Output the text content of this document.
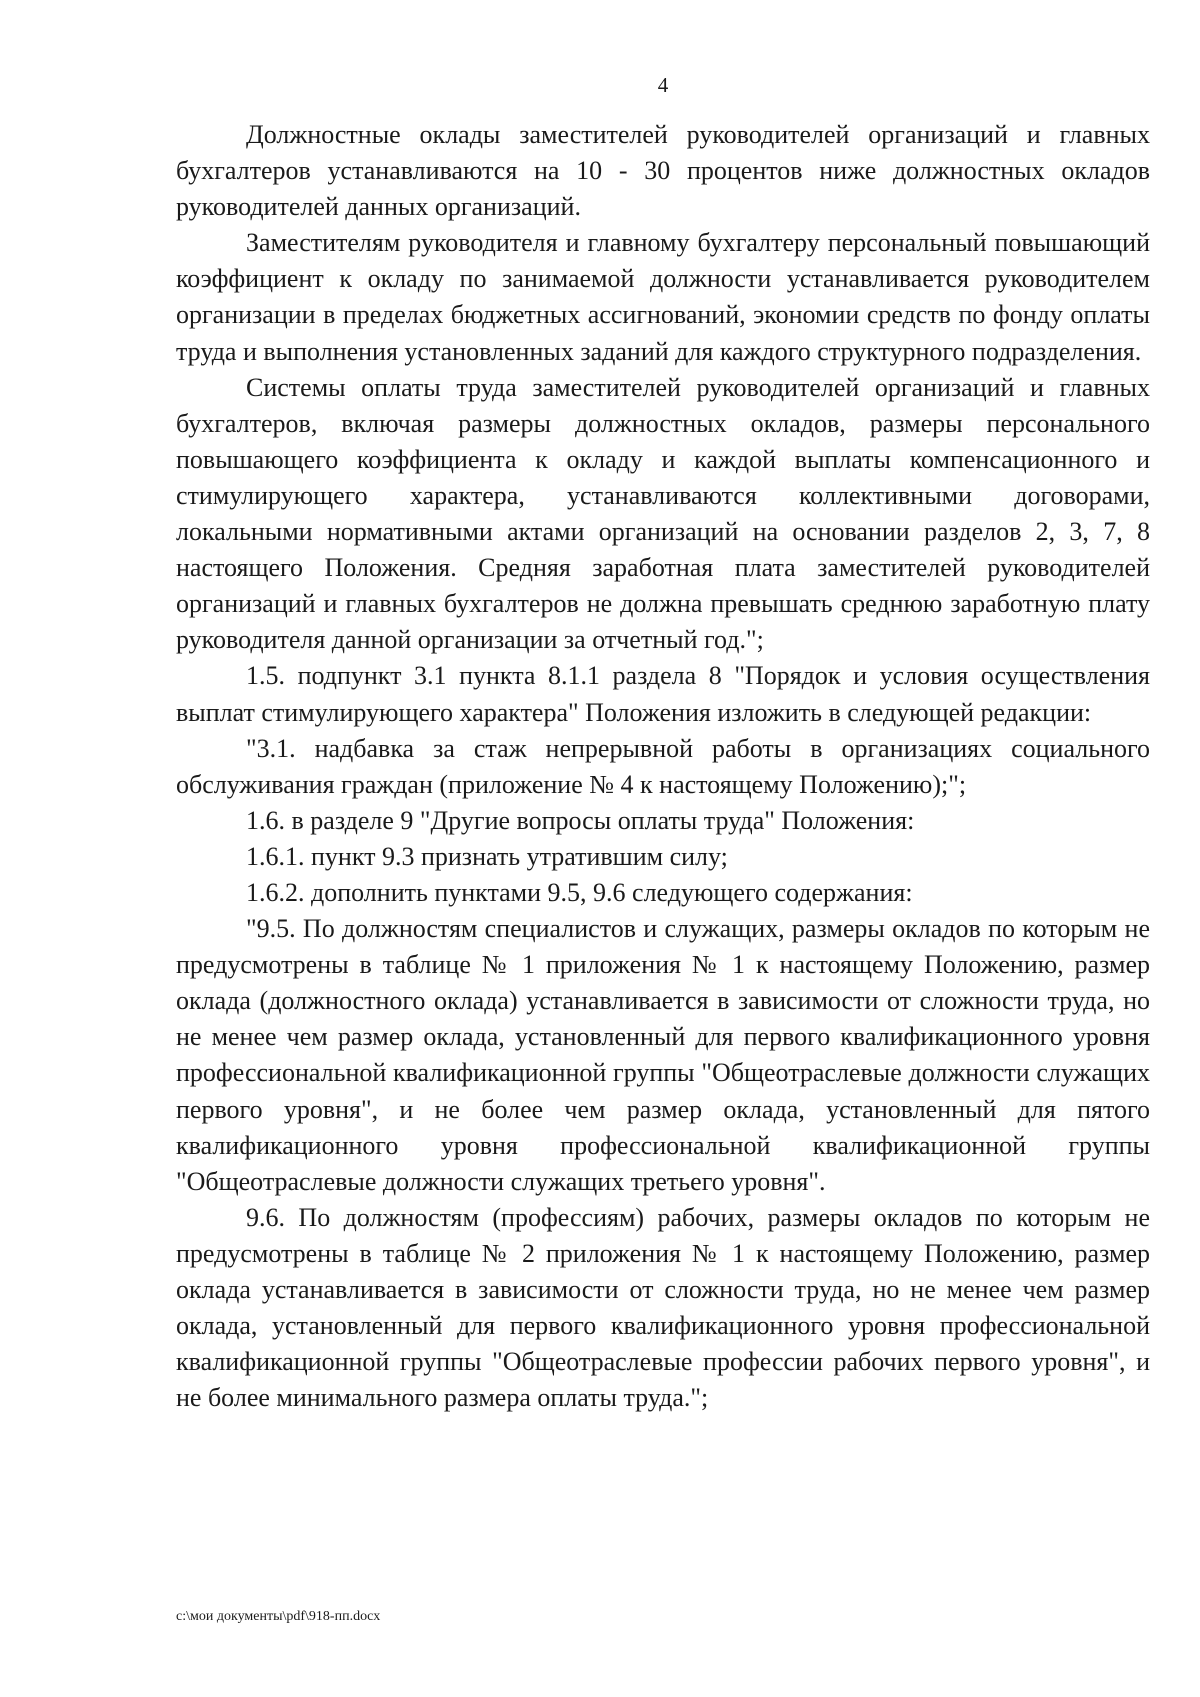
4

Должностные оклады заместителей руководителей организаций и главных бухгалтеров устанавливаются на 10 - 30 процентов ниже должностных окладов руководителей данных организаций.

Заместителям руководителя и главному бухгалтеру персональный повышающий коэффициент к окладу по занимаемой должности устанавливается руководителем организации в пределах бюджетных ассигнований, экономии средств по фонду оплаты труда и выполнения установленных заданий для каждого структурного подразделения.

Системы оплаты труда заместителей руководителей организаций и главных бухгалтеров, включая размеры должностных окладов, размеры персонального повышающего коэффициента к окладу и каждой выплаты компенсационного и стимулирующего характера, устанавливаются коллективными договорами, локальными нормативными актами организаций на основании разделов 2, 3, 7, 8 настоящего Положения. Средняя заработная плата заместителей руководителей организаций и главных бухгалтеров не должна превышать среднюю заработную плату руководителя данной организации за отчетный год.";

1.5. подпункт 3.1 пункта 8.1.1 раздела 8 "Порядок и условия осуществления выплат стимулирующего характера" Положения изложить в следующей редакции:

"3.1. надбавка за стаж непрерывной работы в организациях социального обслуживания граждан (приложение № 4 к настоящему Положению);";

1.6. в разделе 9 "Другие вопросы оплаты труда" Положения:

1.6.1. пункт 9.3 признать утратившим силу;

1.6.2. дополнить пунктами 9.5, 9.6 следующего содержания:

"9.5. По должностям специалистов и служащих, размеры окладов по которым не предусмотрены в таблице № 1 приложения № 1 к настоящему Положению, размер оклада (должностного оклада) устанавливается в зависимости от сложности труда, но не менее чем размер оклада, установленный для первого квалификационного уровня профессиональной квалификационной группы "Общеотраслевые должности служащих первого уровня", и не более чем размер оклада, установленный для пятого квалификационного уровня профессиональной квалификационной группы "Общеотраслевые должности служащих третьего уровня".

9.6. По должностям (профессиям) рабочих, размеры окладов по которым не предусмотрены в таблице № 2 приложения № 1 к настоящему Положению, размер оклада устанавливается в зависимости от сложности труда, но не менее чем размер оклада, установленный для первого квалификационного уровня профессиональной квалификационной группы "Общеотраслевые профессии рабочих первого уровня", и не более минимального размера оплаты труда.";

c:\мои документы\pdf\918-пп.docx
